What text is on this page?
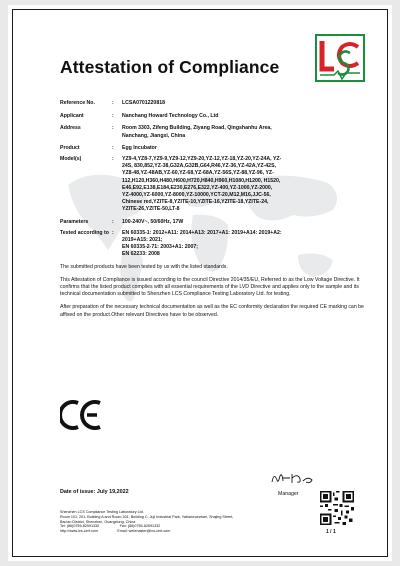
Attestation of Compliance
Reference No.	:	LCSA0701220818
Applicant	:	Nanchang Howard Technology Co., Ltd
Address	:	Room 3303, Zifeng Building, Ziyang Road, Qingshanhu Area,
Nanchang, Jiangxi, China
Product	:	Egg Incubator
Model(s)	:	YZ9-4,YZ8-7,YZ9-9,YZ9-12,YZ9-20,YZ-12,YZ-18,YZ-20,YZ-24A, YZ-
24S, 830,852,YZ-38,G32A,G32B,G64,R46,YZ-36,YZ-42A,YZ-42S,
YZ8-48,YZ-48AB,YZ-60,YZ-68,YZ-68A,YZ-56S,YZ-88,YZ-96, YZ-
112,H120,H360,H480,H600,H720,H840,H960,H1080,H1200, H1520,
E46,E92,E138,E184,E230,E276,E322,YZ-400,YZ-1000,YZ-2000,
YZ-4000,YZ-6000,YZ-8000,YZ-10000,YCT-20,M12,M16,JJC-56,
Chinese red,YZITE-8,YZITE-10,YZITE-16,YZITE-18,YZITE-24,
YZITE-26,YZITE-50,LT-8
Parameters	:	100-240V~, 50/60Hz, 17W
Tested according to :	EN 60335-1: 2012+A11: 2014+A13: 2017+A1: 2019+A14: 2019+A2:
2019+A15: 2021;
EN 60335-2-71: 2003+A1: 2007;
EN 62233: 2008
The submitted products have been tested by us with the listed standards.
This Attestation of Compliance is issued according to the council Directive 2014/35/EU, Referred to as the Low Voltage Directive. It confirms that the listed product complies with all essential requirements of the LVD Directive and applies only to the sample and its technical documentation submitted to Shenzhen LCS Compliance Testing Laboratory Ltd. for testing.
After preparation of the necessary technical documentation as well as the EC conformity declaration the required CE marking can be affixed on the product.Other relevant Directives have to be observed.
Manager
Date of issue: July 19,2022
Shenzhen LCS Compliance Testing Laboratory Ltd.
Room 101, 201, Building A and Room 301, Building C, Juji Industrial Park, Yabianxueziwei, Shajing Street,
Bao'an District, Shenzhen, Guangdong, China
Tel: (86)0755-82591330                    Fax: (86)0755-82591332
http://www.lcs-cert.com                   Email: webmaster@lcs-cert.com	1 / 1
